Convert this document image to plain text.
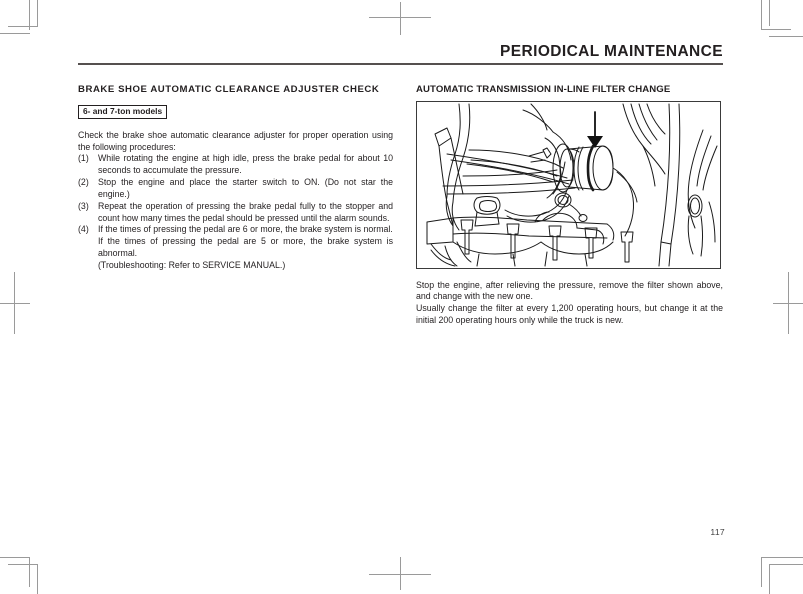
PERIODICAL MAINTENANCE
BRAKE SHOE AUTOMATIC CLEARANCE ADJUSTER CHECK
6- and 7-ton models

Check the brake shoe automatic clearance adjuster for proper operation using the following procedures:

(1)	While rotating the engine at high idle, press the brake pedal for about 10 seconds to accumulate the pressure.
(2)	Stop the engine and place the starter switch to ON. (Do not star the engine.)
(3)	Repeat the operation of pressing the brake pedal fully to the stopper and count how many times the pedal should be pressed until the alarm sounds.
(4)	If the times of pressing the pedal are 6 or more, the brake system is normal.
If the times of pressing the pedal are 5 or more, the brake system is abnormal.
(Troubleshooting: Refer to SERVICE MANUAL.)
AUTOMATIC TRANSMISSION IN-LINE FILTER CHANGE

Stop the engine, after relieving the pressure, remove the filter shown above, and change with the new one.

Usually change the filter at every 1,200 operating hours, but change it at the initial 200 operating hours only while the truck is new.

117
